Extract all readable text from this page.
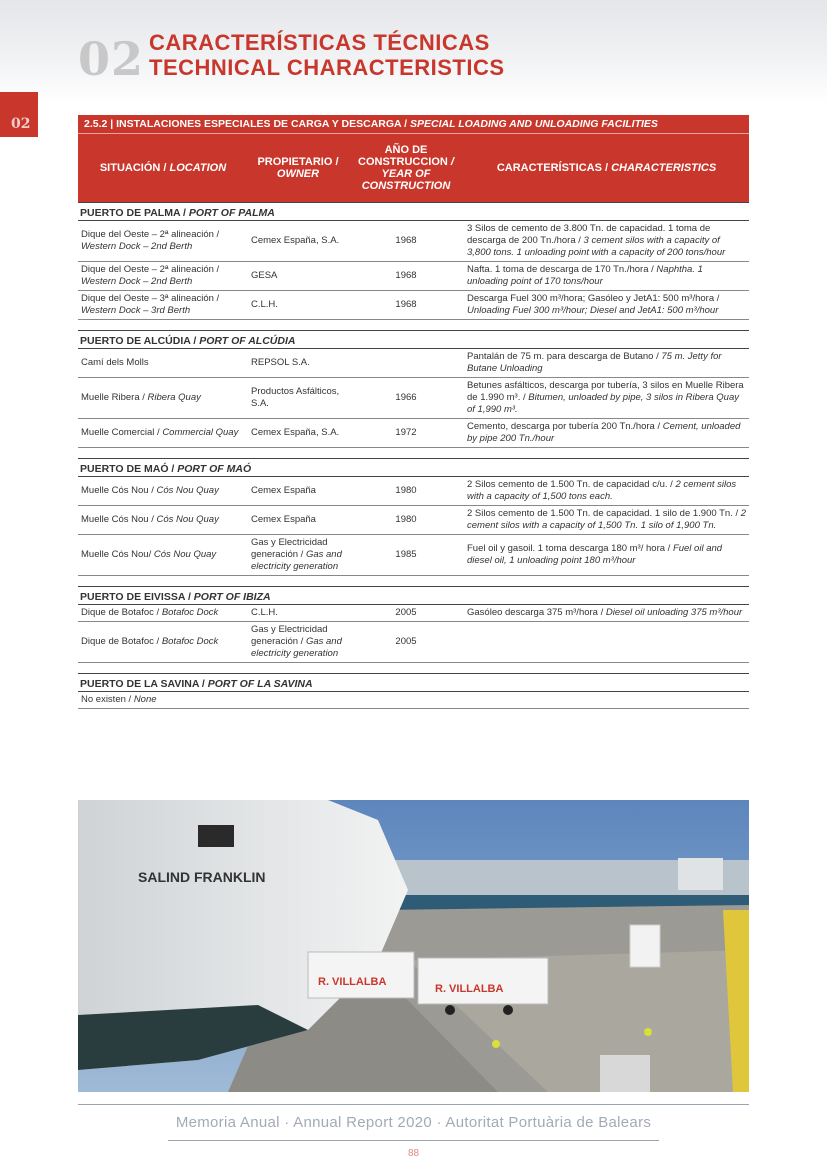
02 CARACTERÍSTICAS TÉCNICAS
TECHNICAL CHARACTERISTICS
02	2.5.2 | INSTALACIONES ESPECIALES DE CARGA Y DESCARGA / SPECIAL LOADING AND UNLOADING FACILITIES			
SITUACIÓN / LOCATION	PROPIETARIO / OWNER	AÑO DE CONSTRUCCION / YEAR OF CONSTRUCTION	CARACTERÍSTICAS / CHARACTERISTICS
PUERTO DE PALMA / PORT OF PALMA			
Dique del Oeste – 2ª alineación / Western Dock – 2nd Berth	Cemex España, S.A.	1968	3 Silos de cemento de 3.800 Tn. de capacidad. 1 toma de descarga de 200 Tn./hora / 3 cement silos with a capacity of 3,800 tons. 1 unloading point with a capacity of 200 tons/hour
Dique del Oeste – 2ª alineación / Western Dock – 2nd Berth	GESA	1968	Nafta. 1 toma de descarga de 170 Tn./hora / Naphtha. 1 unloading point of 170 tons/hour
Dique del Oeste – 3ª alineación / Western Dock – 3rd Berth	C.L.H.	1968	Descarga Fuel 300 m³/hora; Gasóleo y JetA1: 500 m³/hora / Unloading Fuel 300 m³/hour; Diesel and JetA1: 500 m³/hour

PUERTO DE ALCÚDIA / PORT OF ALCÚDIA			
Camí dels Molls	REPSOL S.A.		Pantalán de 75 m. para descarga de Butano / 75 m. Jetty for Butane Unloading
Muelle Ribera / Ribera Quay	Productos Asfálticos, S.A.	1966	Betunes asfálticos, descarga por tubería, 3 silos en Muelle Ribera de 1.990 m³. / Bitumen, unloaded by pipe, 3 silos in Ribera Quay of 1,990 m³.
Muelle Comercial / Commercial Quay	Cemex España, S.A.	1972	Cemento, descarga por tubería 200 Tn./hora / Cement, unloaded by pipe 200 Tn./hour

PUERTO DE MAÓ / PORT OF MAÓ			
Muelle Cós Nou / Cós Nou Quay	Cemex España	1980	2 Silos cemento de 1.500 Tn. de capacidad c/u. / 2 cement silos with a capacity of 1,500 tons each.
Muelle Cós Nou / Cós Nou Quay	Cemex España	1980	2 Silos cemento de 1.500 Tn. de capacidad. 1 silo de 1.900 Tn. / 2 cement silos with a capacity of 1,500 Tn. 1 silo of 1,900 Tn.
Muelle Cós Nou/ Cós Nou Quay	Gas y Electricidad generación / Gas and electricity generation	1985	Fuel oil y gasoil. 1 toma descarga 180 m³/ hora / Fuel oil and diesel oil, 1 unloading point 180 m³/hour

PUERTO DE EIVISSA / PORT OF IBIZA			
Dique de Botafoc / Botafoc Dock	C.L.H.	2005	Gasóleo descarga 375 m³/hora / Diesel oil unloading 375 m³/hour
Dique de Botafoc / Botafoc Dock	Gas y Electricidad generación / Gas and electricity generation	2005	

PUERTO DE LA SAVINA / PORT OF LA SAVINA			
No existen / None			
SALIND FRANKLIN
R. VILLALBA
R. VILLALBA
Memoria Anual · Annual Report 2020 · Autoritat Portuària de Balears
88
